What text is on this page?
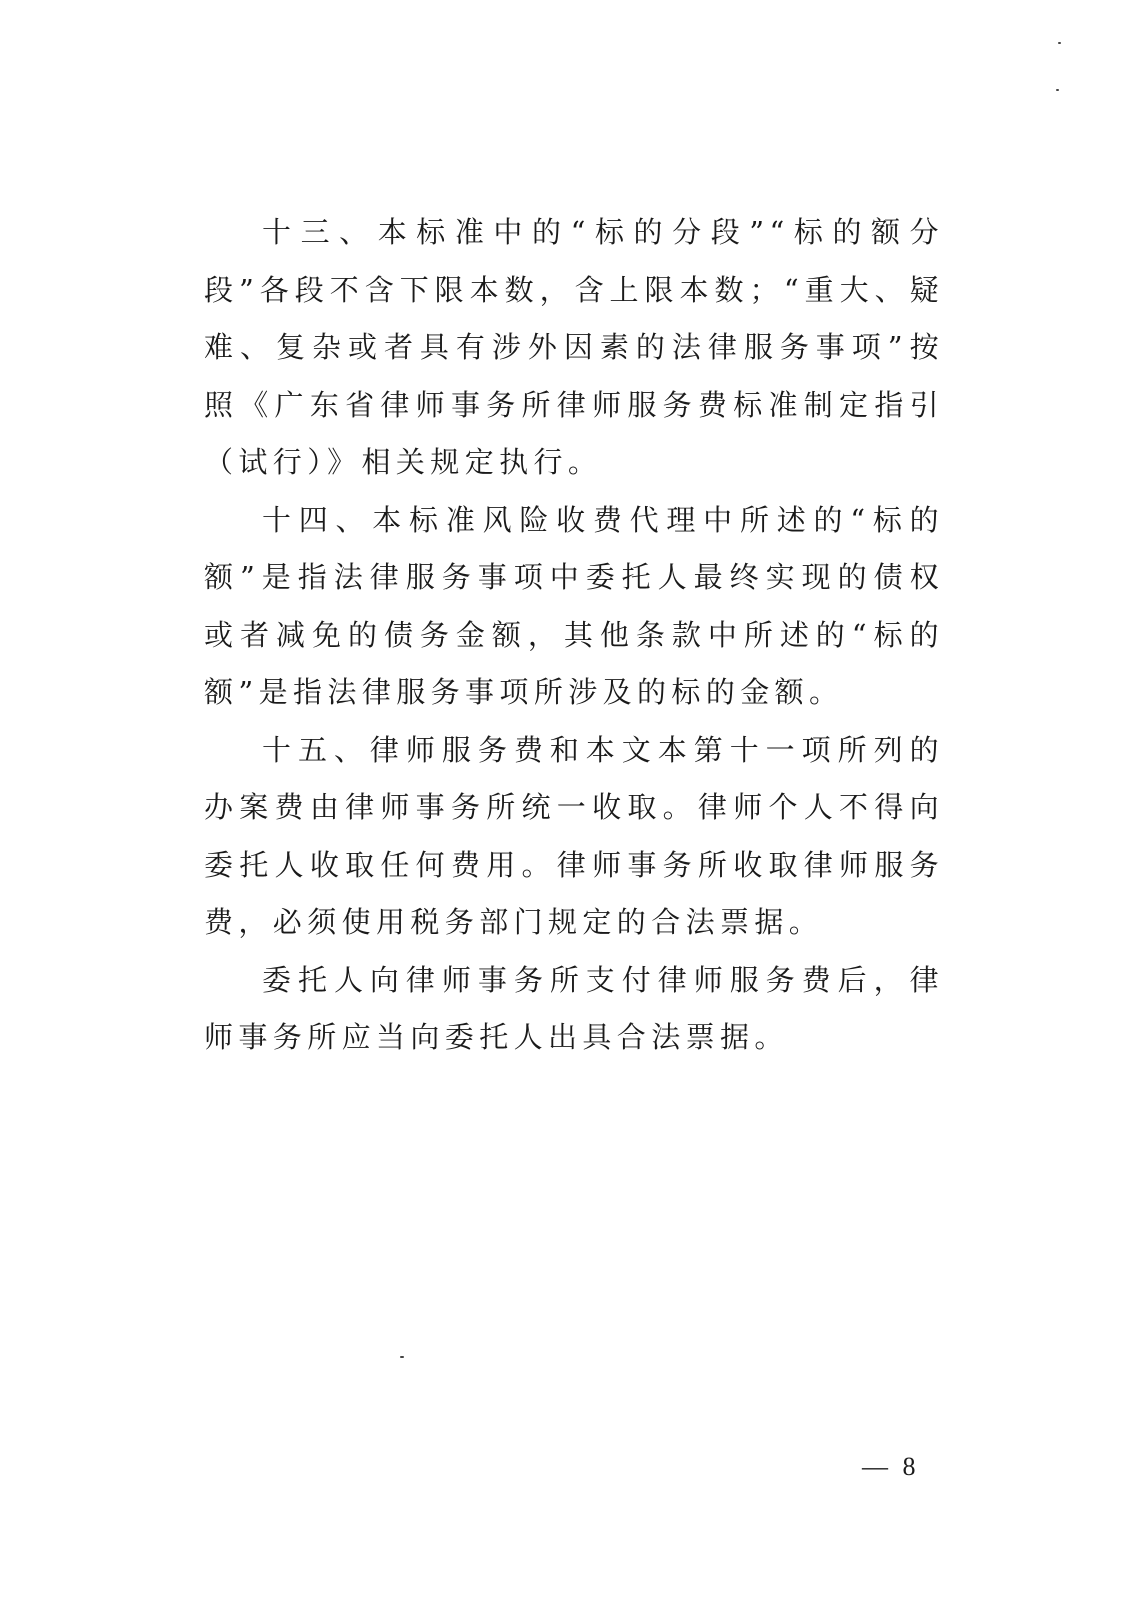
十三、本标准中的“标的分段”“标的额分段”各段不含下限本数，含上限本数；“重大、疑难、复杂或者具有涉外因素的法律服务事项”按照《广东省律师事务所律师服务费标准制定指引（试行）》相关规定执行。

十四、本标准风险收费代理中所述的“标的额”是指法律服务事项中委托人最终实现的债权或者减免的债务金额，其他条款中所述的“标的额”是指法律服务事项所涉及的标的金额。

十五、律师服务费和本文本第十一项所列的办案费由律师事务所统一收取。律师个人不得向委托人收取任何费用。律师事务所收取律师服务费，必须使用税务部门规定的合法票据。

委托人向律师事务所支付律师服务费后，律师事务所应当向委托人出具合法票据。

— 8
